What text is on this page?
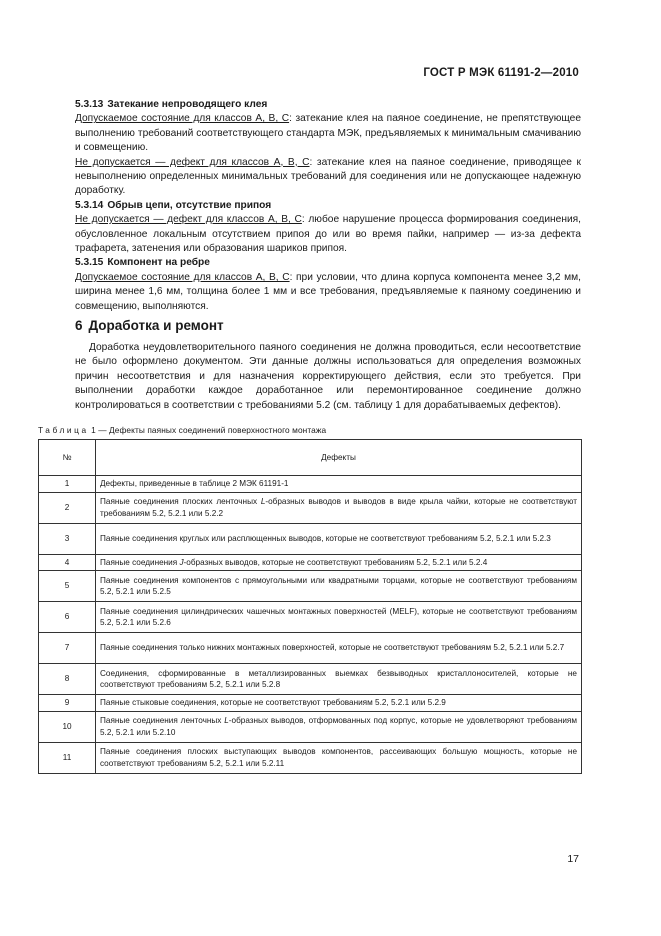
ГОСТ Р МЭК 61191-2—2010

5.3.13 Затекание непроводящего клея

Допускаемое состояние для классов А, В, С: затекание клея на паяное соединение, не препятствующее выполнению требований соответствующего стандарта МЭК, предъявляемых к минимальным смачиванию и совмещению.

Не допускается — дефект для классов А, В, С: затекание клея на паяное соединение, приводящее к невыполнению определенных минимальных требований для соединения или не допускающее надежную доработку.

5.3.14 Обрыв цепи, отсутствие припоя

Не допускается — дефект для классов А, В, С: любое нарушение процесса формирования соединения, обусловленное локальным отсутствием припоя до или во время пайки, например — из-за дефекта трафарета, затенения или образования шариков припоя.

5.3.15 Компонент на ребре

Допускаемое состояние для классов А, В, С: при условии, что длина корпуса компонента менее 3,2 мм, ширина менее 1,6 мм, толщина более 1 мм и все требования, предъявляемые к паяному соединению и совмещению, выполняются.

6 Доработка и ремонт

Доработка неудовлетворительного паяного соединения не должна проводиться, если несоответствие не было оформлено документом. Эти данные должны использоваться для определения возможных причин несоответствия и для назначения корректирующего действия, если это требуется. При выполнении доработки каждое доработанное или перемонтированное соединение должно контролироваться в соответствии с требованиями 5.2 (см. таблицу 1 для дорабатываемых дефектов).

Таблица 1 — Дефекты паяных соединений поверхностного монтажа
№	Дефекты
1	Дефекты, приведенные в таблице 2 МЭК 61191-1
2	Паяные соединения плоских ленточных L-образных выводов и выводов в виде крыла чайки, которые не соответствуют требованиям 5.2, 5.2.1 или 5.2.2
3	Паяные соединения круглых или расплющенных выводов, которые не соответствуют требованиям 5.2, 5.2.1 или 5.2.3
4	Паяные соединения J-образных выводов, которые не соответствуют требованиям 5.2, 5.2.1 или 5.2.4
5	Паяные соединения компонентов с прямоугольными или квадратными торцами, которые не соответствуют требованиям 5.2, 5.2.1 или 5.2.5
6	Паяные соединения цилиндрических чашечных монтажных поверхностей (MELF), которые не соответствуют требованиям 5.2, 5.2.1 или 5.2.6
7	Паяные соединения только нижних монтажных поверхностей, которые не соответствуют требованиям 5.2, 5.2.1 или 5.2.7
8	Соединения, сформированные в металлизированных выемках безвыводных кристаллоносителей, которые не соответствуют требованиям 5.2, 5.2.1 или 5.2.8
9	Паяные стыковые соединения, которые не соответствуют требованиям 5.2, 5.2.1 или 5.2.9
10	Паяные соединения ленточных L-образных выводов, отформованных под корпус, которые не удовлетворяют требованиям 5.2, 5.2.1 или 5.2.10
11	Паяные соединения плоских выступающих выводов компонентов, рассеивающих большую мощность, которые не соответствуют требованиям 5.2, 5.2.1 или 5.2.11
17
